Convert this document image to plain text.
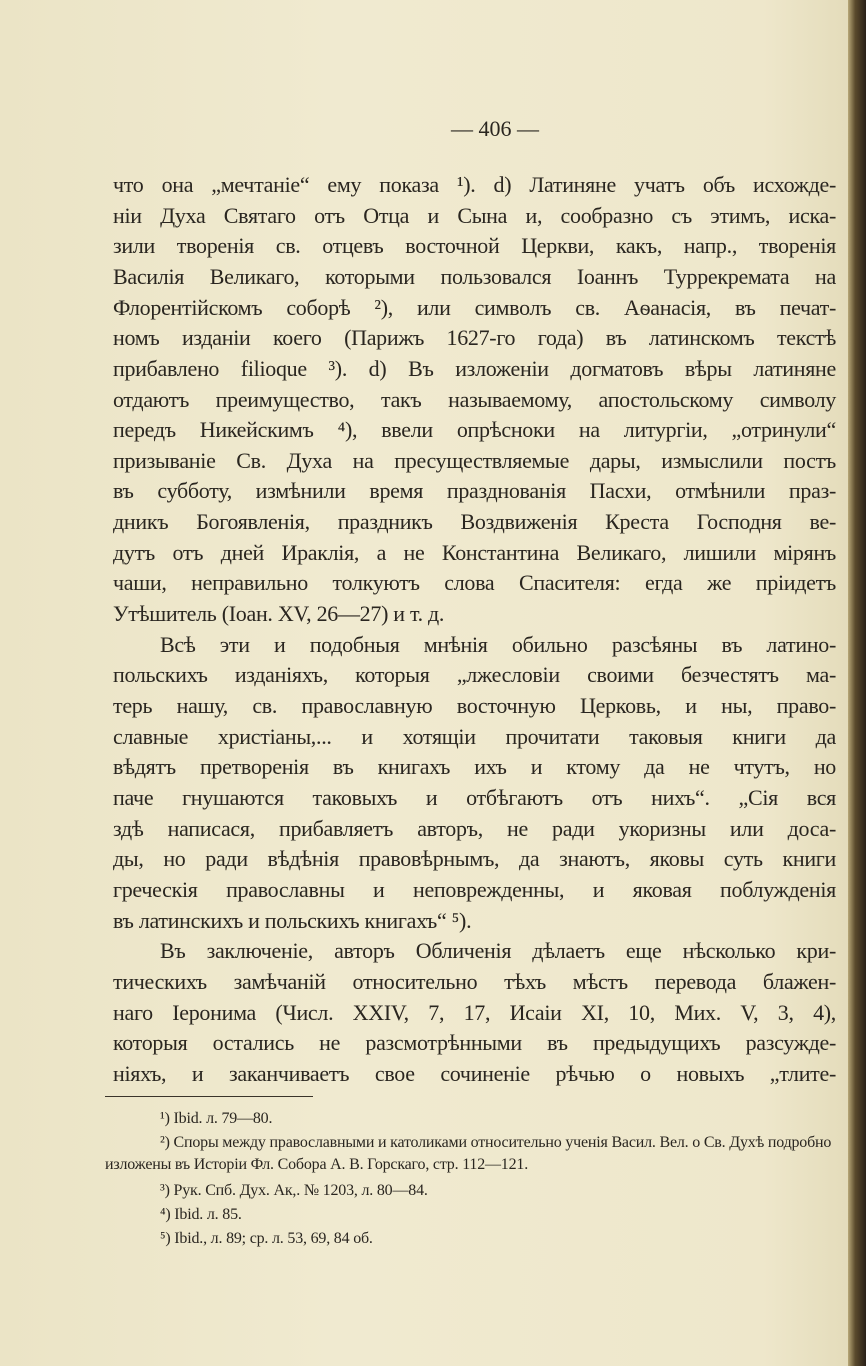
— 406 —
что она „мечтаніе“ ему показа ¹). d) Латиняне учатъ объ исхожде-
ніи Духа Святаго отъ Отца и Сына и, сообразно съ этимъ, иска-
зили творенія св. отцевъ восточной Церкви, какъ, напр., творенія
Василія Великаго, которыми пользовался Іоаннъ Туррекремата на
Флорентійскомъ соборѣ ²), или символъ св. Аѳанасія, въ печат-
номъ изданіи коего (Парижъ 1627-го года) въ латинскомъ текстѣ
прибавлено filioque ³). d) Въ изложеніи догматовъ вѣры латиняне
отдаютъ преимущество, такъ называемому, апостольскому символу
передъ Никейскимъ ⁴), ввели опрѣсноки на литургіи, „отринули“
призываніе Св. Духа на пресуществляемые дары, измыслили постъ
въ субботу, измѣнили время празднованія Пасхи, отмѣнили праз-
дникъ Богоявленія, праздникъ Воздвиженія Креста Господня ве-
дутъ отъ дней Ираклія, а не Константина Великаго, лишили мірянъ
чаши, неправильно толкуютъ слова Спасителя: егда же пріидетъ
Утѣшитель (Іоан. XV, 26—27) и т. д.
Всѣ эти и подобныя мнѣнія обильно разсѣяны въ латино-
польскихъ изданіяхъ, которыя „лжесловіи своими безчестятъ ма-
терь нашу, св. православную восточную Церковь, и ны, право-
славные христіаны,... и хотящіи прочитати таковыя книги да
вѣдятъ претворенія въ книгахъ ихъ и ктому да не чтутъ, но
паче гнушаются таковыхъ и отбѣгаютъ отъ нихъ“. „Сія вся
здѣ написася, прибавляетъ авторъ, не ради укоризны или доса-
ды, но ради вѣдѣнія правовѣрнымъ, да знаютъ, яковы суть книги
греческія православны и неповрежденны, и яковая поблужденія
въ латинскихъ и польскихъ книгахъ“ ⁵).
Въ заключеніе, авторъ Обличенія дѣлаетъ еще нѣсколько кри-
тическихъ замѣчаній относительно тѣхъ мѣстъ перевода блажен-
наго Іеронима (Числ. XXIV, 7, 17, Исаіи XI, 10, Мих. V, 3, 4),
которыя остались не разсмотрѣнными въ предыдущихъ разсужде-
ніяхъ, и заканчиваетъ свое сочиненіе рѣчью о новыхъ „тлите-
¹) Ibid. л. 79—80.
²) Споры между православными и католиками относительно ученія Васил. Вел. о Св. Духѣ подробно изложены въ Исторіи Фл. Собора А. В. Горскаго, стр. 112—121.
³) Рук. Спб. Дух. Ак,. № 1203, л. 80—84.
⁴) Ibid. л. 85.
⁵) Ibid., л. 89; ср. л. 53, 69, 84 об.
